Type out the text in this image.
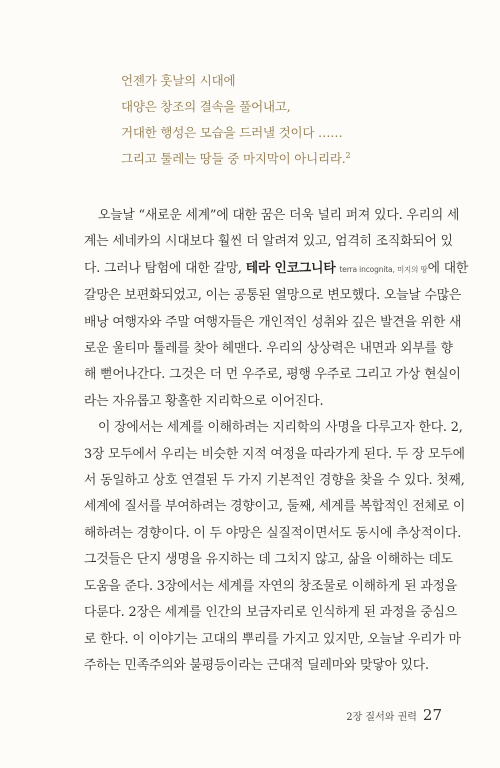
언젠가 훗날의 시대에
대양은 창조의 결속을 풀어내고,
거대한 행성은 모습을 드러낼 것이다 ……
그리고 툴레는 땅들 중 마지막이 아니리라.$^2$
오늘날 “새로운 세계”에 대한 꿈은 더욱 널리 퍼져 있다. 우리의 세
계는 세네카의 시대보다 훨씬 더 알려져 있고, 엄격히 조직화되어 있
다. 그러나 탐험에 대한 갈망, 테라 인코그니타 terra incognita, 미지의 땅에 대한
갈망은 보편화되었고, 이는 공통된 열망으로 변모했다. 오늘날 수많은
배낭 여행자와 주말 여행자들은 개인적인 성취와 깊은 발견을 위한 새
로운 울티마 툴레를 찾아 헤맨다. 우리의 상상력은 내면과 외부를 향
해 뻗어나간다. 그것은 더 먼 우주로, 평행 우주로 그리고 가상 현실이
라는 자유롭고 황홀한 지리학으로 이어진다.
이 장에서는 세계를 이해하려는 지리학의 사명을 다루고자 한다. 2,
3장 모두에서 우리는 비슷한 지적 여정을 따라가게 된다. 두 장 모두에
서 동일하고 상호 연결된 두 가지 기본적인 경향을 찾을 수 있다. 첫째,
세계에 질서를 부여하려는 경향이고, 둘째, 세계를 복합적인 전체로 이
해하려는 경향이다. 이 두 야망은 실질적이면서도 동시에 추상적이다.
그것들은 단지 생명을 유지하는 데 그치지 않고, 삶을 이해하는 데도
도움을 준다. 3장에서는 세계를 자연의 창조물로 이해하게 된 과정을
다룬다. 2장은 세계를 인간의 보금자리로 인식하게 된 과정을 중심으
로 한다. 이 이야기는 고대의 뿌리를 가지고 있지만, 오늘날 우리가 마
주하는 민족주의와 불평등이라는 근대적 딜레마와 맞닿아 있다.
2장 질서와 권력 27
